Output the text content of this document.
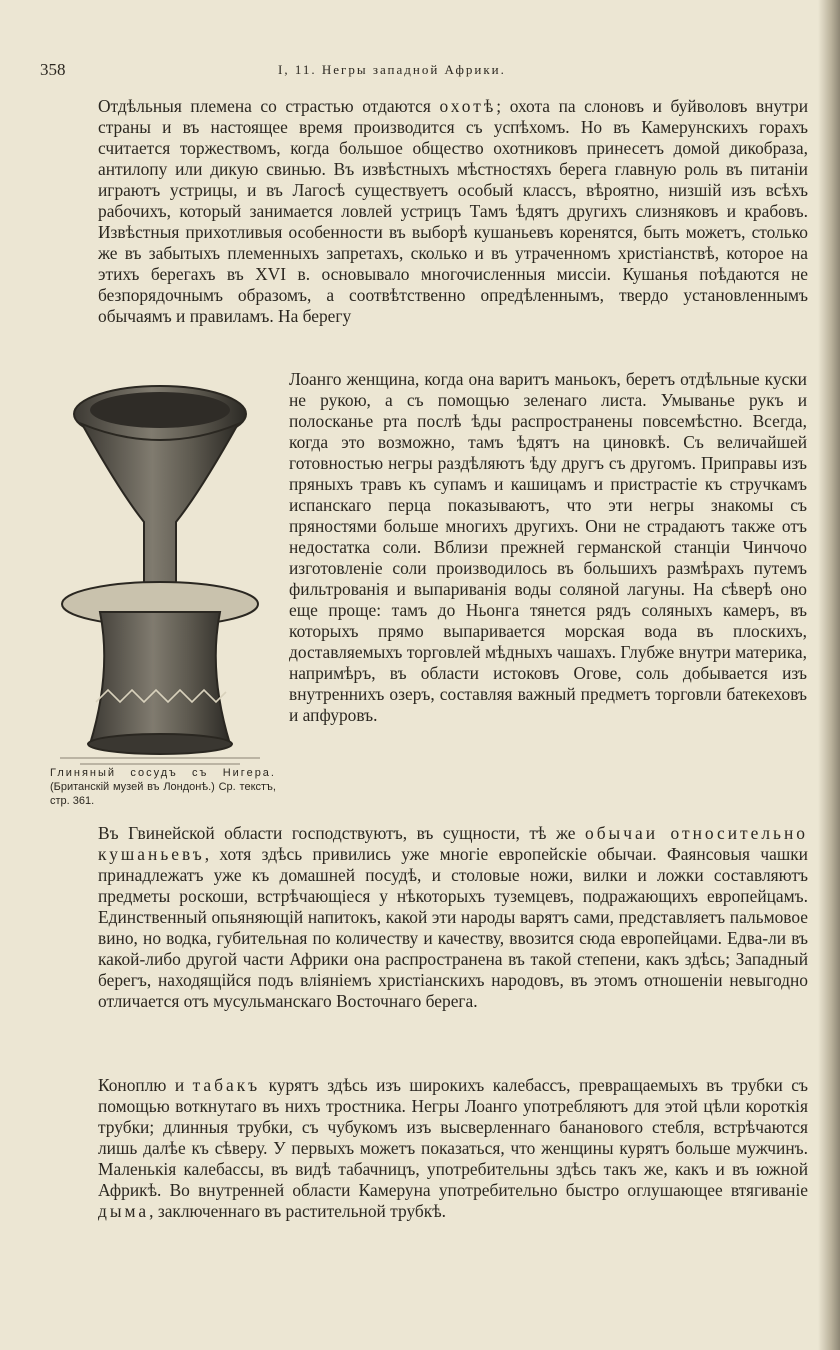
358	I, 11. Негры западной Африки.
Отдѣльныя племена со страстью отдаются охотѣ; охота па слоновъ и буйволовъ внутри страны и въ настоящее время производится съ успѣхомъ. Но въ Камерунскихъ горахъ считается торжествомъ, когда большое общество охотниковъ принесетъ домой дикобраза, антилопу или дикую свинью. Въ извѣстныхъ мѣстностяхъ берега главную роль въ питаніи играютъ устрицы, и въ Лагосѣ существуетъ особый классъ, вѣроятно, низшій изъ всѣхъ рабочихъ, который занимается ловлей устрицъ Тамъ ѣдятъ другихъ слизняковъ и крабовъ. Извѣстныя прихотливыя особенности въ выборѣ кушаньевъ коренятся, быть можетъ, столько же въ забытыхъ племенныхъ запретахъ, сколько и въ утраченномъ христіанствѣ, которое на этихъ берегахъ въ XVI в. основывало многочисленныя миссіи. Кушанья поѣдаются не безпорядочнымъ образомъ, а соотвѣтственно опредѣленнымъ, твердо установленнымъ обычаямъ и правиламъ. На берегу
Глиняный сосудъ съ Нигера. (Британскій музей въ Лондонѣ.) Ср. текстъ, стр. 361.
Лоанго женщина, когда она варитъ маньокъ, беретъ отдѣльные куски не рукою, а съ помощью зеленаго листа. Умыванье рукъ и полосканье рта послѣ ѣды распространены повсемѣстно. Всегда, когда это возможно, тамъ ѣдятъ на циновкѣ. Съ величайшей готовностью негры раздѣляютъ ѣду другъ съ другомъ. Приправы изъ пряныхъ травъ къ супамъ и кашицамъ и пристрастіе къ стручкамъ испанскаго перца показываютъ, что эти негры знакомы съ пряностями больше многихъ другихъ. Они не страдаютъ также отъ недостатка соли. Вблизи прежней германской станціи Чинчочо изготовленіе соли производилось въ большихъ размѣрахъ путемъ фильтрованія и выпариванія воды соляной лагуны. На сѣверѣ оно еще проще: тамъ до Ньонга тянется рядъ соляныхъ камеръ, въ которыхъ прямо выпаривается морская вода въ плоскихъ, доставляемыхъ торговлей мѣдныхъ чашахъ. Глубже внутри материка, напримѣръ, въ области истоковъ Огове, соль добывается изъ внутреннихъ озеръ, составляя важный предметъ торговли батекеховъ и апфуровъ.
Въ Гвинейской области господствуютъ, въ сущности, тѣ же обычаи относительно кушаньевъ, хотя здѣсь привились уже многіе европейскіе обычаи. Фаянсовыя чашки принадлежатъ уже къ домашней посудѣ, и столовые ножи, вилки и ложки составляютъ предметы роскоши, встрѣчающіеся у нѣкоторыхъ туземцевъ, подражающихъ европейцамъ. Единственный опьяняющій напитокъ, какой эти народы варятъ сами, представляетъ пальмовое вино, но водка, губительная по количеству и качеству, ввозится сюда европейцами. Едва-ли въ какой-либо другой части Африки она распространена въ такой степени, какъ здѣсь; Западный берегъ, находящійся подъ вліяніемъ христіанскихъ народовъ, въ этомъ отношеніи невыгодно отличается отъ мусульманскаго Восточнаго берега.
Коноплю и табакъ курятъ здѣсь изъ широкихъ калебассъ, превращаемыхъ въ трубки съ помощью воткнутаго въ нихъ тростника. Негры Лоанго употребляютъ для этой цѣли короткія трубки; длинныя трубки, съ чубукомъ изъ высверленнаго бананового стебля, встрѣчаются лишь далѣе къ сѣверу. У первыхъ можетъ показаться, что женщины курятъ больше мужчинъ. Маленькія калебассы, въ видѣ табачницъ, употребительны здѣсь такъ же, какъ и въ южной Африкѣ. Во внутренней области Камеруна употребительно быстро оглушающее втягиваніе дыма, заключеннаго въ растительной трубкѣ.
